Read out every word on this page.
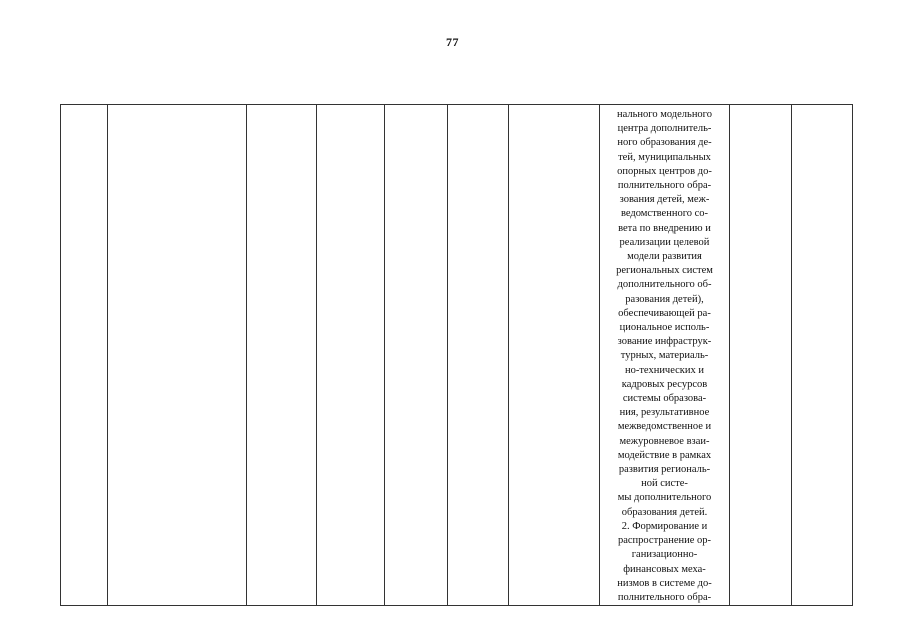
77

нального модельного
центра дополнитель-
ного образования де-
тей, муниципальных
опорных центров до-
полнительного обра-
зования детей, меж-
ведомственного со-
вета по внедрению и
реализации целевой
модели развития
региональных систем
дополнительного об-
разования детей),
обеспечивающей ра-
циональное исполь-
зование инфраструк-
турных, материаль-
но-технических и
кадровых ресурсов
системы образова-
ния, результативное
межведомственное и
межуровневое взаи-
модействие в рамках
развития региональ-
ной систе-
мы дополнительного
образования детей.
2. Формирование и
распространение ор-
ганизационно-
финансовых меха-
низмов в системе до-
полнительного обра-
